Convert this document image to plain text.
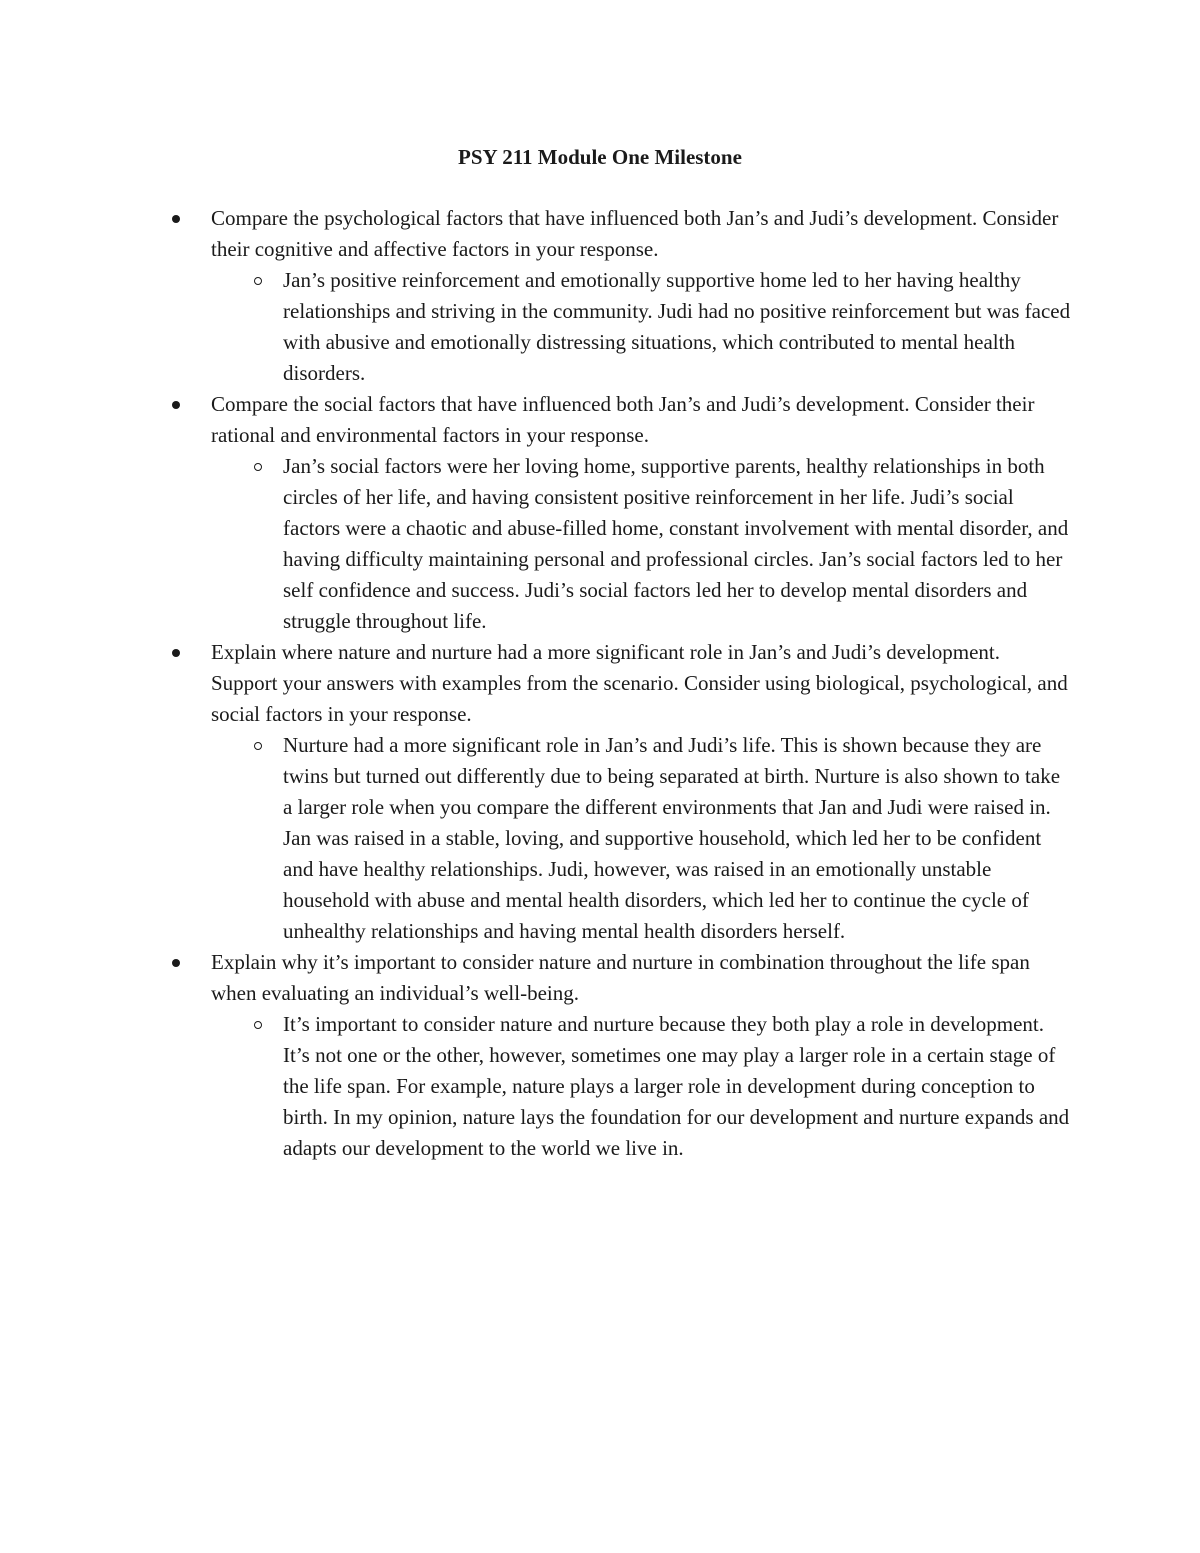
PSY 211 Module One Milestone
Compare the psychological factors that have influenced both Jan’s and Judi’s development. Consider their cognitive and affective factors in your response.
Jan’s positive reinforcement and emotionally supportive home led to her having healthy relationships and striving in the community. Judi had no positive reinforcement but was faced with abusive and emotionally distressing situations, which contributed to mental health disorders.
Compare the social factors that have influenced both Jan’s and Judi’s development. Consider their rational and environmental factors in your response.
Jan’s social factors were her loving home, supportive parents, healthy relationships in both circles of her life, and having consistent positive reinforcement in her life. Judi’s social factors were a chaotic and abuse-filled home, constant involvement with mental disorder, and having difficulty maintaining personal and professional circles. Jan’s social factors led to her self confidence and success. Judi’s social factors led her to develop mental disorders and struggle throughout life.
Explain where nature and nurture had a more significant role in Jan’s and Judi’s development. Support your answers with examples from the scenario. Consider using biological, psychological, and social factors in your response.
Nurture had a more significant role in Jan’s and Judi’s life. This is shown because they are twins but turned out differently due to being separated at birth. Nurture is also shown to take a larger role when you compare the different environments that Jan and Judi were raised in. Jan was raised in a stable, loving, and supportive household, which led her to be confident and have healthy relationships. Judi, however, was raised in an emotionally unstable household with abuse and mental health disorders, which led her to continue the cycle of unhealthy relationships and having mental health disorders herself.
Explain why it’s important to consider nature and nurture in combination throughout the life span when evaluating an individual’s well-being.
It’s important to consider nature and nurture because they both play a role in development. It’s not one or the other, however, sometimes one may play a larger role in a certain stage of the life span. For example, nature plays a larger role in development during conception to birth. In my opinion, nature lays the foundation for our development and nurture expands and adapts our development to the world we live in.
